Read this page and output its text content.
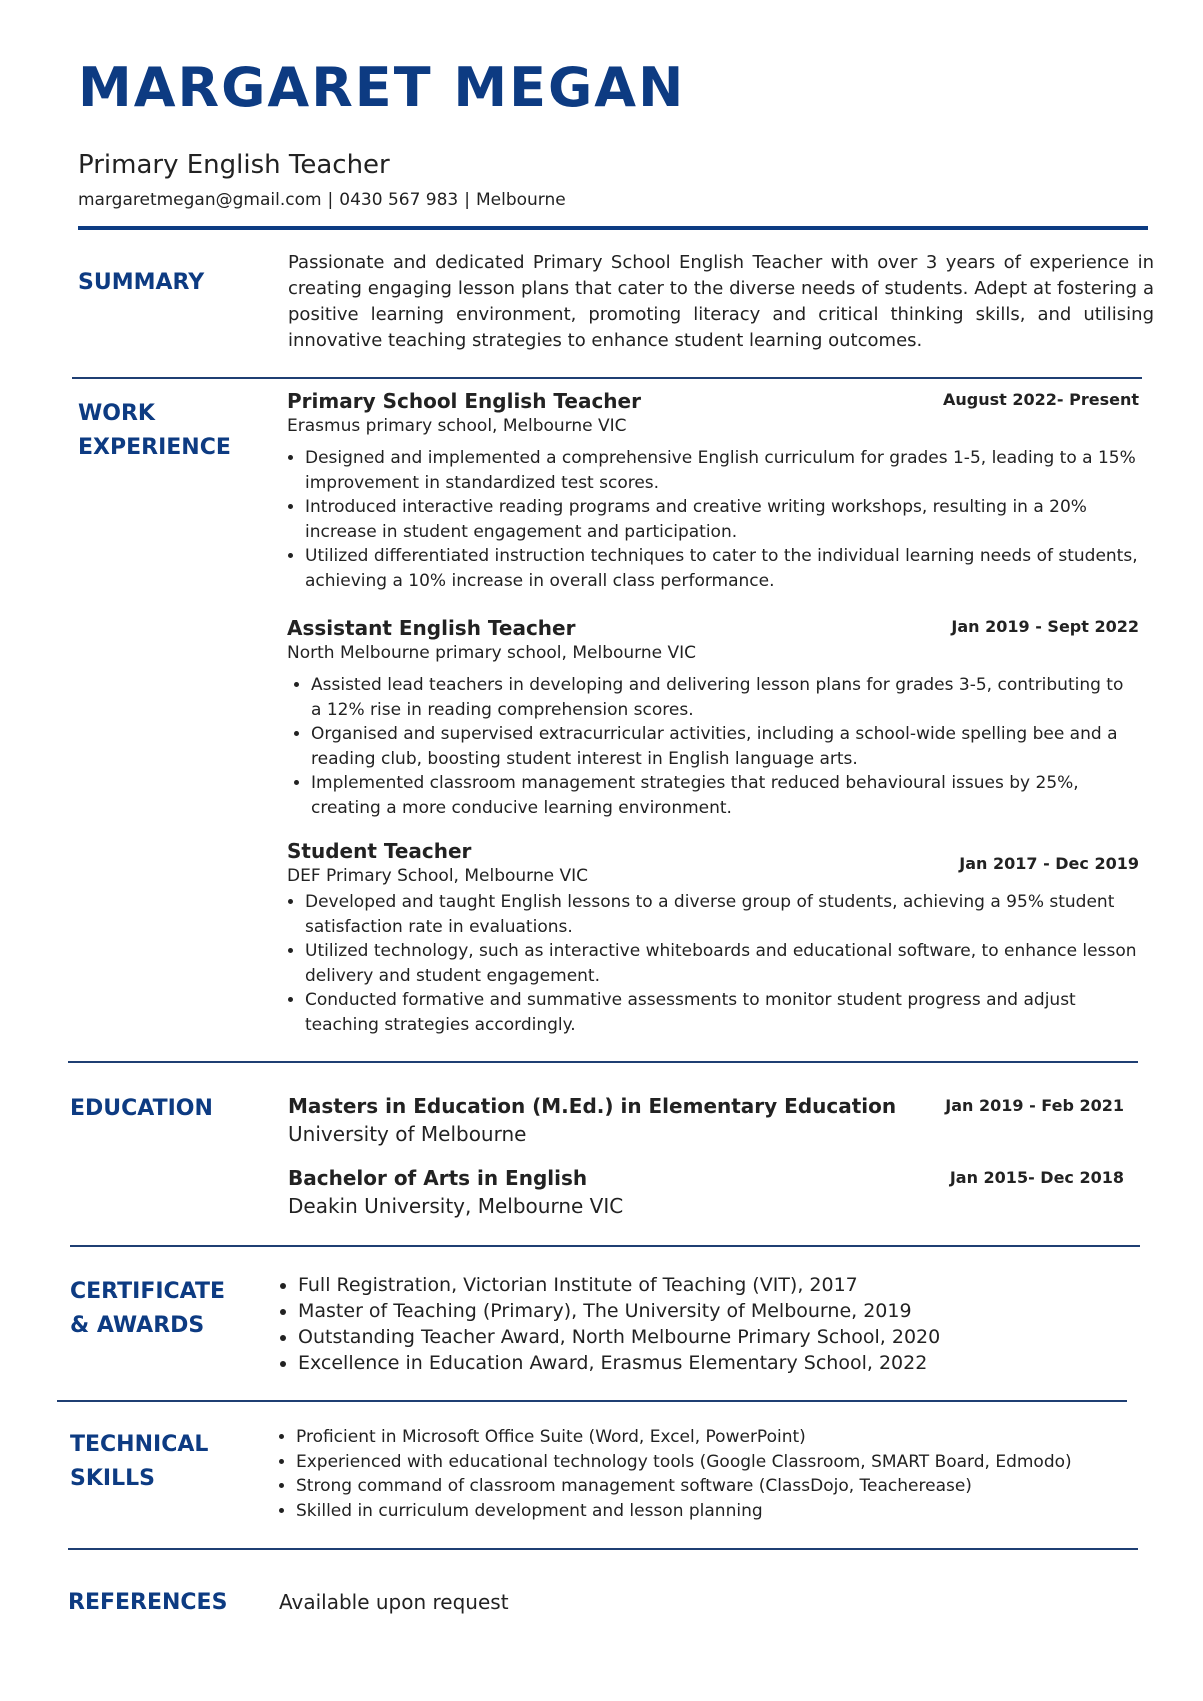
MARGARET MEGAN
Primary English Teacher
margaretmegan@gmail.com | 0430 567 983 | Melbourne
SUMMARY

Passionate and dedicated Primary School English Teacher with over 3 years of experience in creating engaging lesson plans that cater to the diverse needs of students. Adept at fostering a positive learning environment, promoting literacy and critical thinking skills, and utilising innovative teaching strategies to enhance student learning outcomes.

WORK
EXPERIENCE
Primary School English Teacher	August 2022- Present
Erasmus primary school, Melbourne VIC
• Designed and implemented a comprehensive English curriculum for grades 1-5, leading to a 15% improvement in standardized test scores.
• Introduced interactive reading programs and creative writing workshops, resulting in a 20% increase in student engagement and participation.
• Utilized differentiated instruction techniques to cater to the individual learning needs of students, achieving a 10% increase in overall class performance.
Assistant English Teacher	Jan 2019 - Sept 2022
North Melbourne primary school, Melbourne VIC
• Assisted lead teachers in developing and delivering lesson plans for grades 3-5, contributing to a 12% rise in reading comprehension scores.
• Organised and supervised extracurricular activities, including a school-wide spelling bee and a reading club, boosting student interest in English language arts.
• Implemented classroom management strategies that reduced behavioural issues by 25%, creating a more conducive learning environment.
Student Teacher
Jan 2017 - Dec 2019
DEF Primary School, Melbourne VIC
• Developed and taught English lessons to a diverse group of students, achieving a 95% student satisfaction rate in evaluations.
• Utilized technology, such as interactive whiteboards and educational software, to enhance lesson delivery and student engagement.
• Conducted formative and summative assessments to monitor student progress and adjust teaching strategies accordingly.
EDUCATION	Masters in Education (M.Ed.) in Elementary Education	Jan 2019 - Feb 2021
University of Melbourne
Bachelor of Arts in English	Jan 2015- Dec 2018
Deakin University, Melbourne VIC
CERTIFICATE
& AWARDS
• Full Registration, Victorian Institute of Teaching (VIT), 2017
• Master of Teaching (Primary), The University of Melbourne, 2019
• Outstanding Teacher Award, North Melbourne Primary School, 2020
• Excellence in Education Award, Erasmus Elementary School, 2022
TECHNICAL
SKILLS
• Proficient in Microsoft Office Suite (Word, Excel, PowerPoint)
• Experienced with educational technology tools (Google Classroom, SMART Board, Edmodo)
• Strong command of classroom management software (ClassDojo, Teacherease)
• Skilled in curriculum development and lesson planning
REFERENCES	Available upon request
